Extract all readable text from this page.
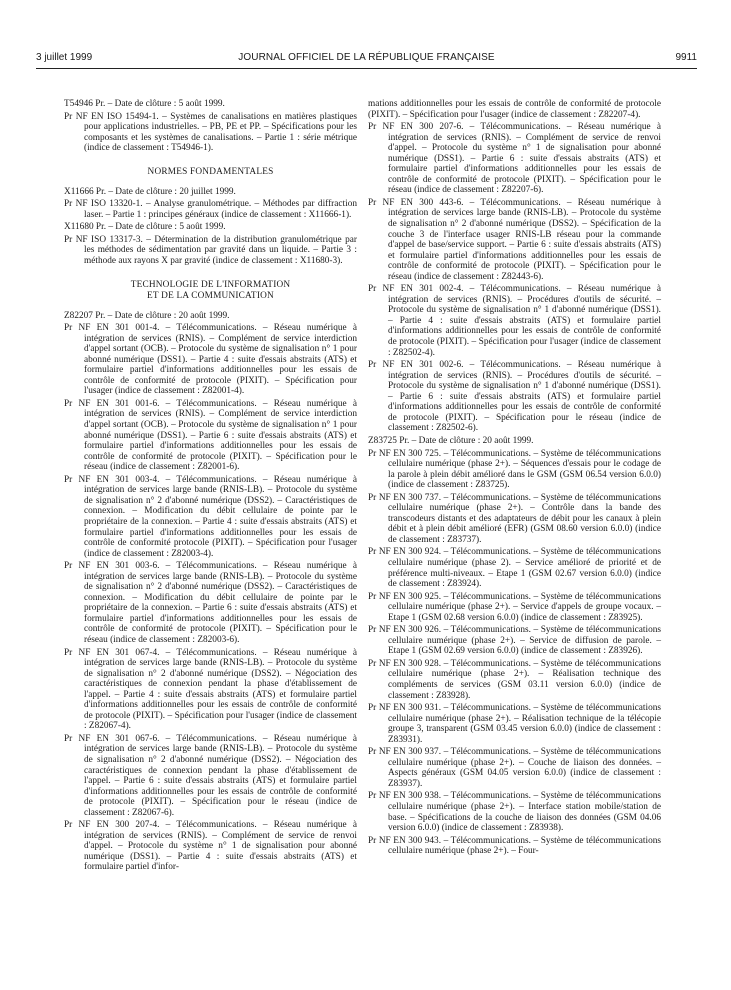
3 juillet 1999	JOURNAL OFFICIEL DE LA RÉPUBLIQUE FRANÇAISE	9911

T54946 Pr. – Date de clôture : 5 août 1999.

Pr NF EN ISO 15494-1. – Systèmes de canalisations en matières plastiques pour applications industrielles. – PB, PE et PP. – Spécifications pour les composants et les systèmes de canalisations. – Partie 1 : série métrique (indice de classement : T54946-1).

NORMES FONDAMENTALES

X11666 Pr. – Date de clôture : 20 juillet 1999.

Pr NF ISO 13320-1. – Analyse granulométrique. – Méthodes par diffraction laser. – Partie 1 : principes généraux (indice de classement : X11666-1).

X11680 Pr. – Date de clôture : 5 août 1999.

Pr NF ISO 13317-3. – Détermination de la distribution granulométrique par les méthodes de sédimentation par gravité dans un liquide. – Partie 3 : méthode aux rayons X par gravité (indice de classement : X11680-3).

TECHNOLOGIE DE L'INFORMATION
ET DE LA COMMUNICATION

Z82207 Pr. – Date de clôture : 20 août 1999.

Pr NF EN 301 001-4. – Télécommunications. – Réseau numérique à intégration de services (RNIS). – Complément de service interdiction d'appel sortant (OCB). – Protocole du système de signalisation n° 1 pour abonné numérique (DSS1). – Partie 4 : suite d'essais abstraits (ATS) et formulaire partiel d'informations additionnelles pour les essais de contrôle de conformité de protocole (PIXIT). – Spécification pour l'usager (indice de classement : Z82001-4).

Pr NF EN 301 001-6. – Télécommunications. – Réseau numérique à intégration de services (RNIS). – Complément de service interdiction d'appel sortant (OCB). – Protocole du système de signalisation n° 1 pour abonné numérique (DSS1). – Partie 6 : suite d'essais abstraits (ATS) et formulaire partiel d'informations additionnelles pour les essais de contrôle de conformité de protocole (PIXIT). – Spécification pour le réseau (indice de classement : Z82001-6).

Pr NF EN 301 003-4. – Télécommunications. – Réseau numérique à intégration de services large bande (RNIS-LB). – Protocole du système de signalisation n° 2 d'abonné numérique (DSS2). – Caractéristiques de connexion. – Modification du débit cellulaire de pointe par le propriétaire de la connexion. – Partie 4 : suite d'essais abstraits (ATS) et formulaire partiel d'informations additionnelles pour les essais de contrôle de conformité protocole (PIXIT). – Spécification pour l'usager (indice de classement : Z82003-4).

Pr NF EN 301 003-6. – Télécommunications. – Réseau numérique à intégration de services large bande (RNIS-LB). – Protocole du système de signalisation n° 2 d'abonné numérique (DSS2). – Caractéristiques de connexion. – Modification du débit cellulaire de pointe par le propriétaire de la connexion. – Partie 6 : suite d'essais abstraits (ATS) et formulaire partiel d'informations additionnelles pour les essais de contrôle de conformité de protocole (PIXIT). – Spécification pour le réseau (indice de classement : Z82003-6).

Pr NF EN 301 067-4. – Télécommunications. – Réseau numérique à intégration de services large bande (RNIS-LB). – Protocole du système de signalisation n° 2 d'abonné numérique (DSS2). – Négociation des caractéristiques de connexion pendant la phase d'établissement de l'appel. – Partie 4 : suite d'essais abstraits (ATS) et formulaire partiel d'informations additionnelles pour les essais de contrôle de conformité de protocole (PIXIT). – Spécification pour l'usager (indice de classement : Z82067-4).

Pr NF EN 301 067-6. – Télécommunications. – Réseau numérique à intégration de services large bande (RNIS-LB). – Protocole du système de signalisation n° 2 d'abonné numérique (DSS2). – Négociation des caractéristiques de connexion pendant la phase d'établissement de l'appel. – Partie 6 : suite d'essais abstraits (ATS) et formulaire partiel d'informations additionnelles pour les essais de contrôle de conformité de protocole (PIXIT). – Spécification pour le réseau (indice de classement : Z82067-6).

Pr NF EN 300 207-4. – Télécommunications. – Réseau numérique à intégration de services (RNIS). – Complément de service de renvoi d'appel. – Protocole du système n° 1 de signalisation pour abonné numérique (DSS1). – Partie 4 : suite d'essais abstraits (ATS) et formulaire partiel d'infor-

mations additionnelles pour les essais de contrôle de conformité de protocole (PIXIT). – Spécification pour l'usager (indice de classement : Z82207-4).

Pr NF EN 300 207-6. – Télécommunications. – Réseau numérique à intégration de services (RNIS). – Complément de service de renvoi d'appel. – Protocole du système n° 1 de signalisation pour abonné numérique (DSS1). – Partie 6 : suite d'essais abstraits (ATS) et formulaire partiel d'informations additionnelles pour les essais de contrôle de conformité de protocole (PIXIT). – Spécification pour le réseau (indice de classement : Z82207-6).

Pr NF EN 300 443-6. – Télécommunications. – Réseau numérique à intégration de services large bande (RNIS-LB). – Protocole du système de signalisation n° 2 d'abonné numérique (DSS2). – Spécification de la couche 3 de l'interface usager RNIS-LB réseau pour la commande d'appel de base/service support. – Partie 6 : suite d'essais abstraits (ATS) et formulaire partiel d'informations additionnelles pour les essais de contrôle de conformité de protocole (PIXIT). – Spécification pour le réseau (indice de classement : Z82443-6).

Pr NF EN 301 002-4. – Télécommunications. – Réseau numérique à intégration de services (RNIS). – Procédures d'outils de sécurité. – Protocole du système de signalisation n° 1 d'abonné numérique (DSS1). – Partie 4 : suite d'essais abstraits (ATS) et formulaire partiel d'informations additionnelles pour les essais de contrôle de conformité de protocole (PIXIT). – Spécification pour l'usager (indice de classement : Z82502-4).

Pr NF EN 301 002-6. – Télécommunications. – Réseau numérique à intégration de services (RNIS). – Procédures d'outils de sécurité. – Protocole du système de signalisation n° 1 d'abonné numérique (DSS1). – Partie 6 : suite d'essais abstraits (ATS) et formulaire partiel d'informations additionnelles pour les essais de contrôle de conformité de protocole (PIXIT). – Spécification pour le réseau (indice de classement : Z82502-6).

Z83725 Pr. – Date de clôture : 20 août 1999.

Pr NF EN 300 725. – Télécommunications. – Système de télécommunications cellulaire numérique (phase 2+). – Séquences d'essais pour le codage de la parole à plein débit amélioré dans le GSM (GSM 06.54 version 6.0.0) (indice de classement : Z83725).

Pr NF EN 300 737. – Télécommunications. – Système de télécommunications cellulaire numérique (phase 2+). – Contrôle dans la bande des transcodeurs distants et des adaptateurs de débit pour les canaux à plein débit et à plein débit amélioré (EFR) (GSM 08.60 version 6.0.0) (indice de classement : Z83737).

Pr NF EN 300 924. – Télécommunications. – Système de télécommunications cellulaire numérique (phase 2). – Service amélioré de priorité et de préférence multi-niveaux. – Etape 1 (GSM 02.67 version 6.0.0) (indice de classement : Z83924).

Pr NF EN 300 925. – Télécommunications. – Système de télécommunications cellulaire numérique (phase 2+). – Service d'appels de groupe vocaux. – Etape 1 (GSM 02.68 version 6.0.0) (indice de classement : Z83925).

Pr NF EN 300 926. – Télécommunications. – Système de télécommunications cellulaire numérique (phase 2+). – Service de diffusion de parole. – Etape 1 (GSM 02.69 version 6.0.0) (indice de classement : Z83926).

Pr NF EN 300 928. – Télécommunications. – Système de télécommunications cellulaire numérique (phase 2+). – Réalisation technique des compléments de services (GSM 03.11 version 6.0.0) (indice de classement : Z83928).

Pr NF EN 300 931. – Télécommunications. – Système de télécommunications cellulaire numérique (phase 2+). – Réalisation technique de la télécopie groupe 3, transparent (GSM 03.45 version 6.0.0) (indice de classement : Z83931).

Pr NF EN 300 937. – Télécommunications. – Système de télécommunications cellulaire numérique (phase 2+). – Couche de liaison des données. – Aspects généraux (GSM 04.05 version 6.0.0) (indice de classement : Z83937).

Pr NF EN 300 938. – Télécommunications. – Système de télécommunications cellulaire numérique (phase 2+). – Interface station mobile/station de base. – Spécifications de la couche de liaison des données (GSM 04.06 version 6.0.0) (indice de classement : Z83938).

Pr NF EN 300 943. – Télécommunications. – Système de télécommunications cellulaire numérique (phase 2+). – Four-
